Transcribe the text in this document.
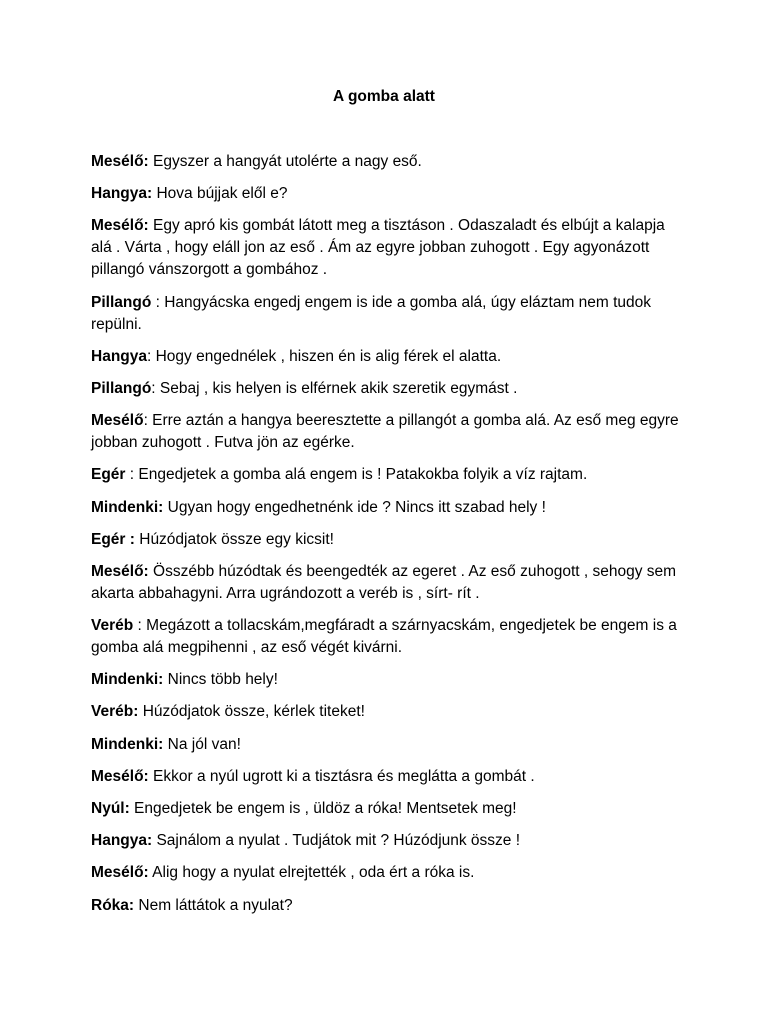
A gomba alatt

Mesélő: Egyszer a hangyát utolérte a nagy eső.

Hangya: Hova bújjak elől e?

Mesélő: Egy apró kis gombát látott meg a tisztáson . Odaszaladt és elbújt a kalapja alá . Várta , hogy eláll jon az eső . Ám az egyre jobban zuhogott . Egy agyonázott pillangó vánszorgott a gombához .

Pillangó : Hangyácska engedj engem is ide a gomba alá, úgy eláztam nem tudok repülni.

Hangya: Hogy engednélek , hiszen én is alig férek el alatta.

Pillangó: Sebaj , kis helyen is elférnek akik szeretik egymást .

Mesélő: Erre aztán a hangya beeresztette a pillangót a gomba alá. Az eső meg egyre jobban zuhogott . Futva jön az egérke.

Egér : Engedjetek a gomba alá engem is ! Patakokba folyik a víz rajtam.

Mindenki: Ugyan hogy engedhetnénk ide ? Nincs itt szabad hely !

Egér : Húzódjatok össze egy kicsit!

Mesélő: Összébb húzódtak és beengedték az egeret . Az eső zuhogott , sehogy sem akarta abbahagyni. Arra ugrándozott a veréb is , sírt- rít .

Veréb : Megázott a tollacskám,megfáradt a szárnyacskám, engedjetek be engem is a gomba alá megpihenni , az eső végét kivárni.

Mindenki: Nincs több hely!

Veréb: Húzódjatok össze, kérlek titeket!

Mindenki: Na jól van!

Mesélő: Ekkor a nyúl ugrott ki a tisztásra és meglátta a gombát .

Nyúl: Engedjetek be engem is , üldöz a róka! Mentsetek meg!

Hangya: Sajnálom a nyulat . Tudjátok mit ? Húzódjunk össze !

Mesélő: Alig hogy a nyulat elrejtették , oda ért a róka is.

Róka: Nem láttátok a nyulat?
